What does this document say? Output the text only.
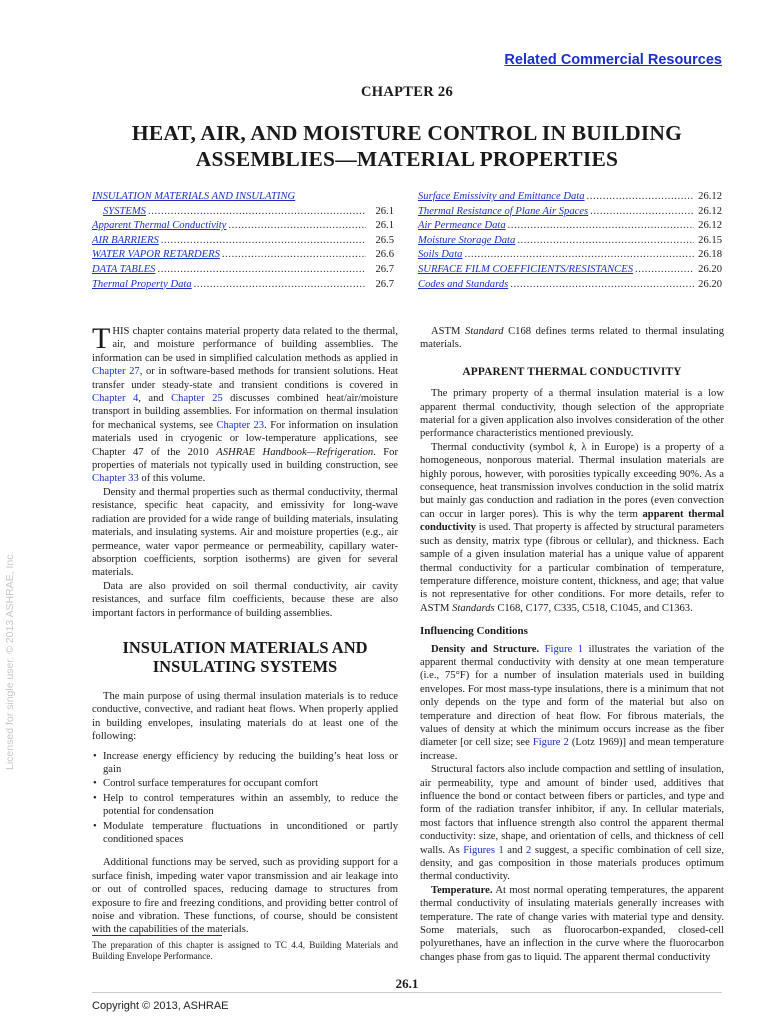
Related Commercial Resources
CHAPTER 26
HEAT, AIR, AND MOISTURE CONTROL IN BUILDING
ASSEMBLIES—MATERIAL PROPERTIES
INSULATION MATERIALS AND INSULATING
SYSTEMS .....	26.1
Apparent Thermal Conductivity .....	26.1
AIR BARRIERS .....	26.5
WATER VAPOR RETARDERS .....	26.6
DATA TABLES .....	26.7
Thermal Property Data .....	26.7
Surface Emissivity and Emittance Data .....	26.12
Thermal Resistance of Plane Air Spaces .....	26.12
Air Permeance Data .....	26.12
Moisture Storage Data .....	26.15
Soils Data .....	26.18
SURFACE FILM COEFFICIENTS/RESISTANCES .....	26.20
Codes and Standards .....	26.20

THIS chapter contains material property data related to the thermal, air, and moisture performance of building assemblies. The information can be used in simplified calculation methods as applied in Chapter 27, or in software-based methods for transient solutions. Heat transfer under steady-state and transient conditions is covered in Chapter 4, and Chapter 25 discusses combined heat/air/moisture transport in building assemblies. For information on thermal insulation for mechanical systems, see Chapter 23. For information on insulation materials used in cryogenic or low-temperature applications, see Chapter 47 of the 2010 ASHRAE Handbook—Refrigeration. For properties of materials not typically used in building construction, see Chapter 33 of this volume.

Density and thermal properties such as thermal conductivity, thermal resistance, specific heat capacity, and emissivity for long-wave radiation are provided for a wide range of building materials, insulating materials, and insulating systems. Air and moisture properties (e.g., air permeance, water vapor permeance or permeability, capillary water-absorption coefficients, sorption isotherms) are given for several materials.

Data are also provided on soil thermal conductivity, air cavity resistances, and surface film coefficients, because these are also important factors in performance of building assemblies.

INSULATION MATERIALS AND
INSULATING SYSTEMS

The main purpose of using thermal insulation materials is to reduce conductive, convective, and radiant heat flows. When properly applied in building envelopes, insulating materials do at least one of the following:

• Increase energy efficiency by reducing the building’s heat loss or gain
• Control surface temperatures for occupant comfort
• Help to control temperatures within an assembly, to reduce the potential for condensation
• Modulate temperature fluctuations in unconditioned or partly conditioned spaces

Additional functions may be served, such as providing support for a surface finish, impeding water vapor transmission and air leakage into or out of controlled spaces, reducing damage to structures from exposure to fire and freezing conditions, and providing better control of noise and vibration. These functions, of course, should be consistent with the capabilities of the materials.

ASTM Standard C168 defines terms related to thermal insulating materials.

APPARENT THERMAL CONDUCTIVITY

The primary property of a thermal insulation material is a low apparent thermal conductivity, though selection of the appropriate material for a given application also involves consideration of the other performance characteristics mentioned previously.

Thermal conductivity (symbol k, λ in Europe) is a property of a homogeneous, nonporous material. Thermal insulation materials are highly porous, however, with porosities typically exceeding 90%. As a consequence, heat transmission involves conduction in the solid matrix but mainly gas conduction and radiation in the pores (even convection can occur in larger pores). This is why the term apparent thermal conductivity is used. That property is affected by structural parameters such as density, matrix type (fibrous or cellular), and thickness. Each sample of a given insulation material has a unique value of apparent thermal conductivity for a particular combination of temperature, temperature difference, moisture content, thickness, and age; that value is not representative for other conditions. For more details, refer to ASTM Standards C168, C177, C335, C518, C1045, and C1363.

Influencing Conditions

Density and Structure. Figure 1 illustrates the variation of the apparent thermal conductivity with density at one mean temperature (i.e., 75°F) for a number of insulation materials used in building envelopes. For most mass-type insulations, there is a minimum that not only depends on the type and form of the material but also on temperature and direction of heat flow. For fibrous materials, the values of density at which the minimum occurs increase as the fiber diameter [or cell size; see Figure 2 (Lotz 1969)] and mean temperature increase.

Structural factors also include compaction and settling of insulation, air permeability, type and amount of binder used, additives that influence the bond or contact between fibers or particles, and type and form of the radiation transfer inhibitor, if any. In cellular materials, most factors that influence strength also control the apparent thermal conductivity: size, shape, and orientation of cells, and thickness of cell walls. As Figures 1 and 2 suggest, a specific combination of cell size, density, and gas composition in those materials produces optimum thermal conductivity.

Temperature. At most normal operating temperatures, the apparent thermal conductivity of insulating materials generally increases with temperature. The rate of change varies with material type and density. Some materials, such as fluorocarbon-expanded, closed-cell polyurethanes, have an inflection in the curve where the fluorocarbon changes phase from gas to liquid. The apparent thermal conductivity

The preparation of this chapter is assigned to TC 4.4, Building Materials and Building Envelope Performance.
26.1
Copyright © 2013, ASHRAE
Licensed for single user. © 2013 ASHRAE, Inc.
